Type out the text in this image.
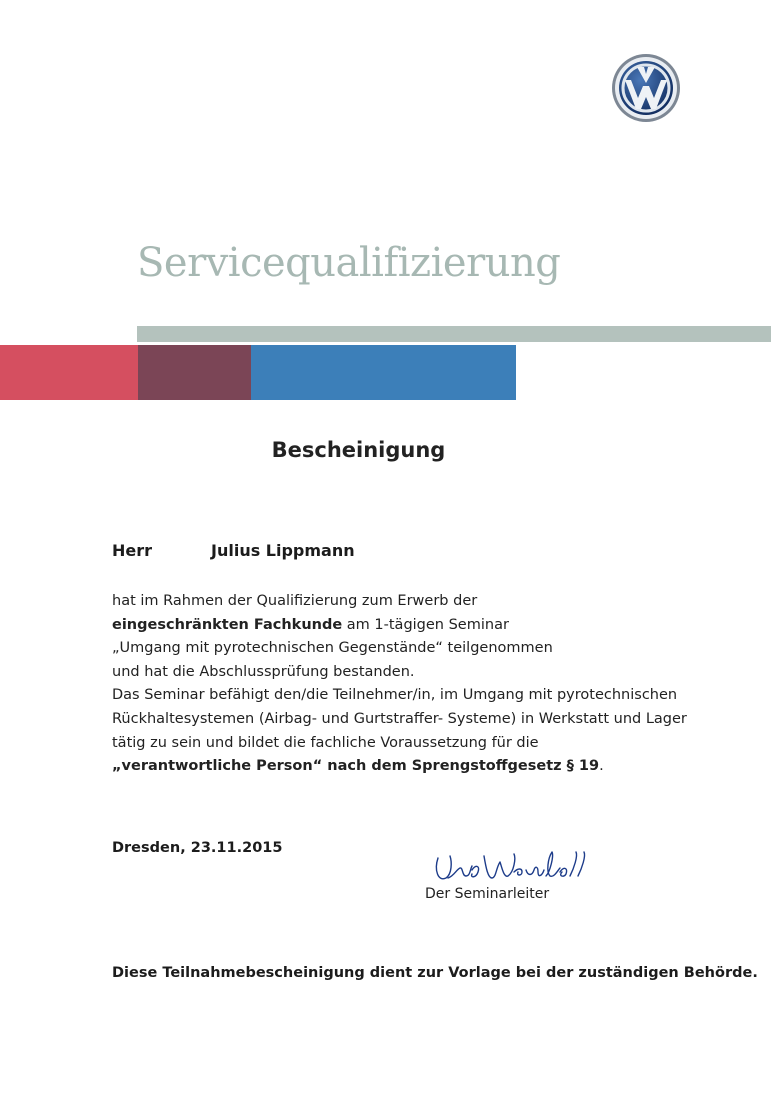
Servicequalifizierung
Bescheinigung
Herr	Julius Lippmann
hat im Rahmen der Qualifizierung zum Erwerb der
eingeschränkten Fachkunde am 1-tägigen Seminar
„Umgang mit pyrotechnischen Gegenstände“ teilgenommen
und hat die Abschlussprüfung bestanden.
Das Seminar befähigt den/die Teilnehmer/in, im Umgang mit pyrotechnischen
Rückhaltesystemen (Airbag- und Gurtstraffer- Systeme) in Werkstatt und Lager
tätig zu sein und bildet die fachliche Voraussetzung für die
„verantwortliche Person“ nach dem Sprengstoffgesetz § 19.
Dresden, 23.11.2015
Der Seminarleiter
Diese Teilnahmebescheinigung dient zur Vorlage bei der zuständigen Behörde.
